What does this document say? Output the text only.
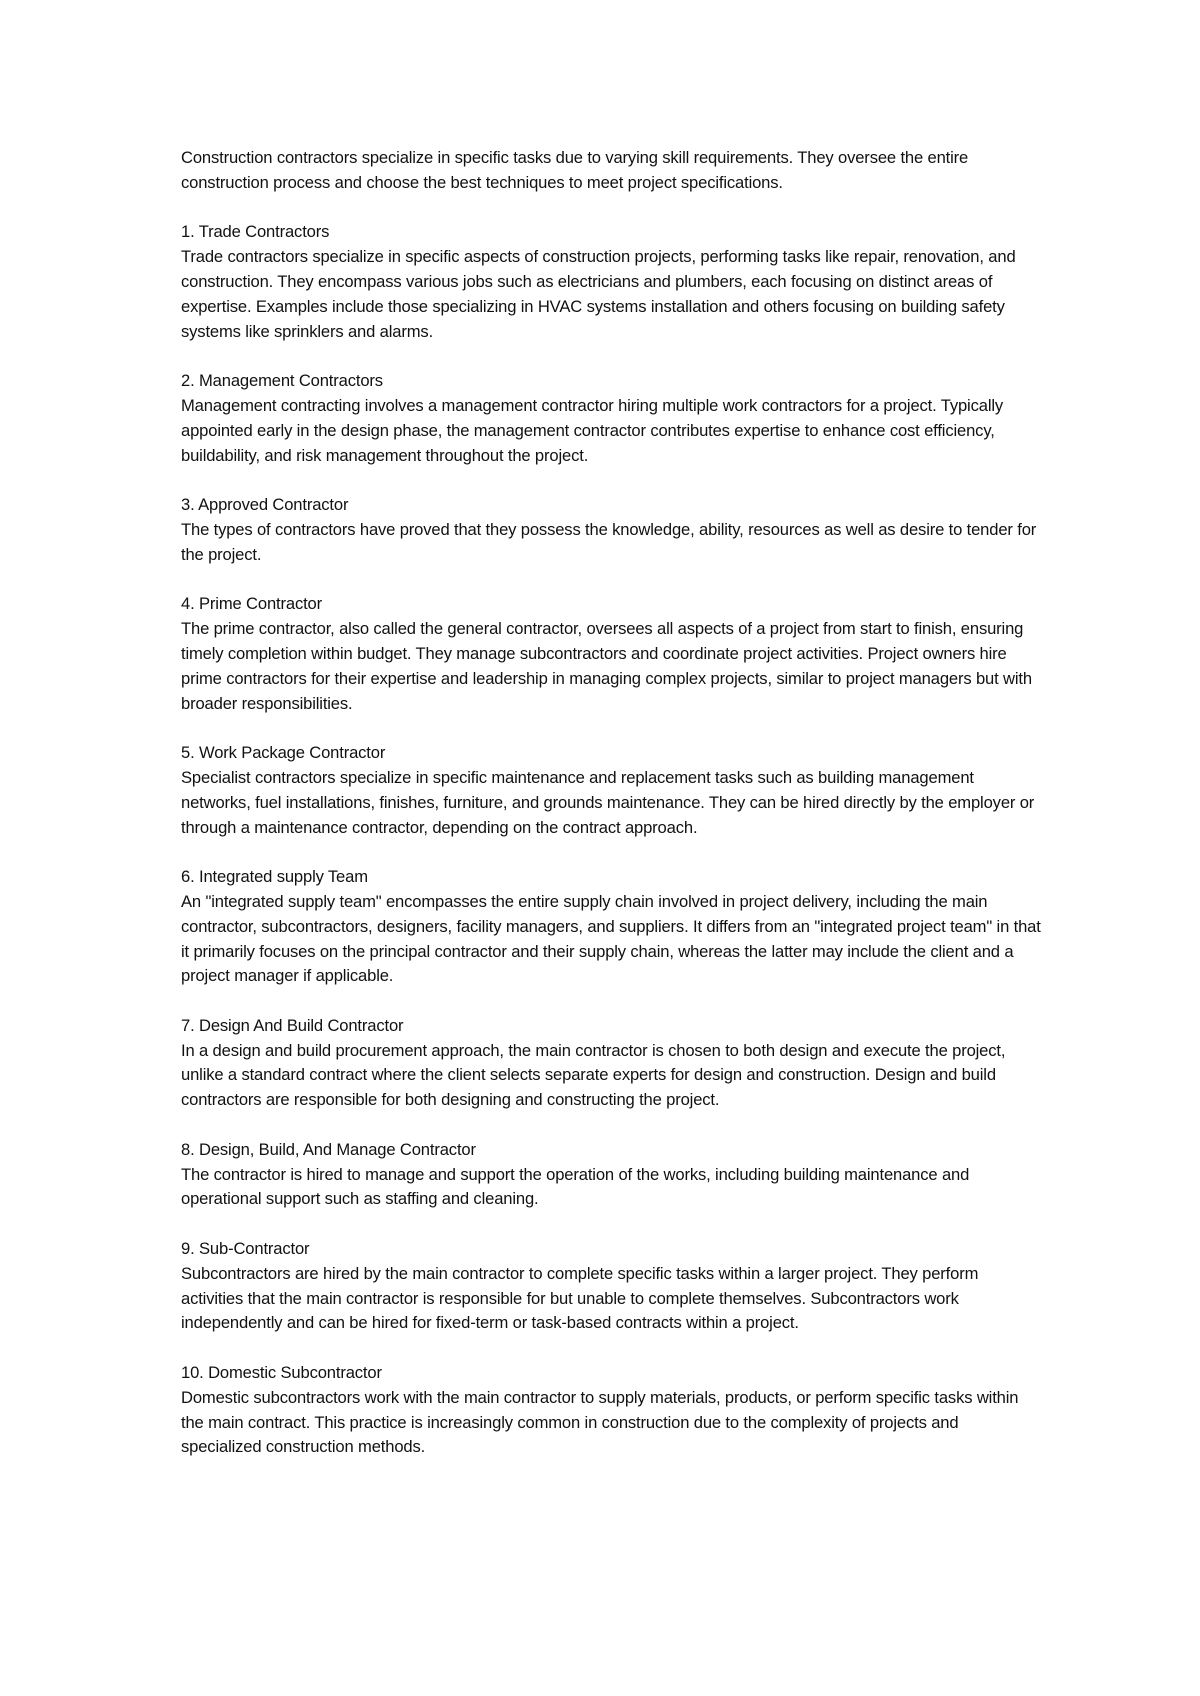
Construction contractors specialize in specific tasks due to varying skill requirements. They oversee the entire construction process and choose the best techniques to meet project specifications.

1. Trade Contractors
Trade contractors specialize in specific aspects of construction projects, performing tasks like repair, renovation, and construction. They encompass various jobs such as electricians and plumbers, each focusing on distinct areas of expertise. Examples include those specializing in HVAC systems installation and others focusing on building safety systems like sprinklers and alarms.
2. Management Contractors
Management contracting involves a management contractor hiring multiple work contractors for a project. Typically appointed early in the design phase, the management contractor contributes expertise to enhance cost efficiency, buildability, and risk management throughout the project.
3. Approved Contractor
The types of contractors have proved that they possess the knowledge, ability, resources as well as desire to tender for the project.
4. Prime Contractor
The prime contractor, also called the general contractor, oversees all aspects of a project from start to finish, ensuring timely completion within budget. They manage subcontractors and coordinate project activities. Project owners hire prime contractors for their expertise and leadership in managing complex projects, similar to project managers but with broader responsibilities.
5. Work Package Contractor
Specialist contractors specialize in specific maintenance and replacement tasks such as building management networks, fuel installations, finishes, furniture, and grounds maintenance. They can be hired directly by the employer or through a maintenance contractor, depending on the contract approach.
6. Integrated supply Team
An "integrated supply team" encompasses the entire supply chain involved in project delivery, including the main contractor, subcontractors, designers, facility managers, and suppliers. It differs from an "integrated project team" in that it primarily focuses on the principal contractor and their supply chain, whereas the latter may include the client and a project manager if applicable.
7. Design And Build Contractor
In a design and build procurement approach, the main contractor is chosen to both design and execute the project, unlike a standard contract where the client selects separate experts for design and construction. Design and build contractors are responsible for both designing and constructing the project.
8. Design, Build, And Manage Contractor
The contractor is hired to manage and support the operation of the works, including building maintenance and operational support such as staffing and cleaning.
9. Sub-Contractor
Subcontractors are hired by the main contractor to complete specific tasks within a larger project. They perform activities that the main contractor is responsible for but unable to complete themselves. Subcontractors work independently and can be hired for fixed-term or task-based contracts within a project.
10. Domestic Subcontractor
Domestic subcontractors work with the main contractor to supply materials, products, or perform specific tasks within the main contract. This practice is increasingly common in construction due to the complexity of projects and specialized construction methods.
